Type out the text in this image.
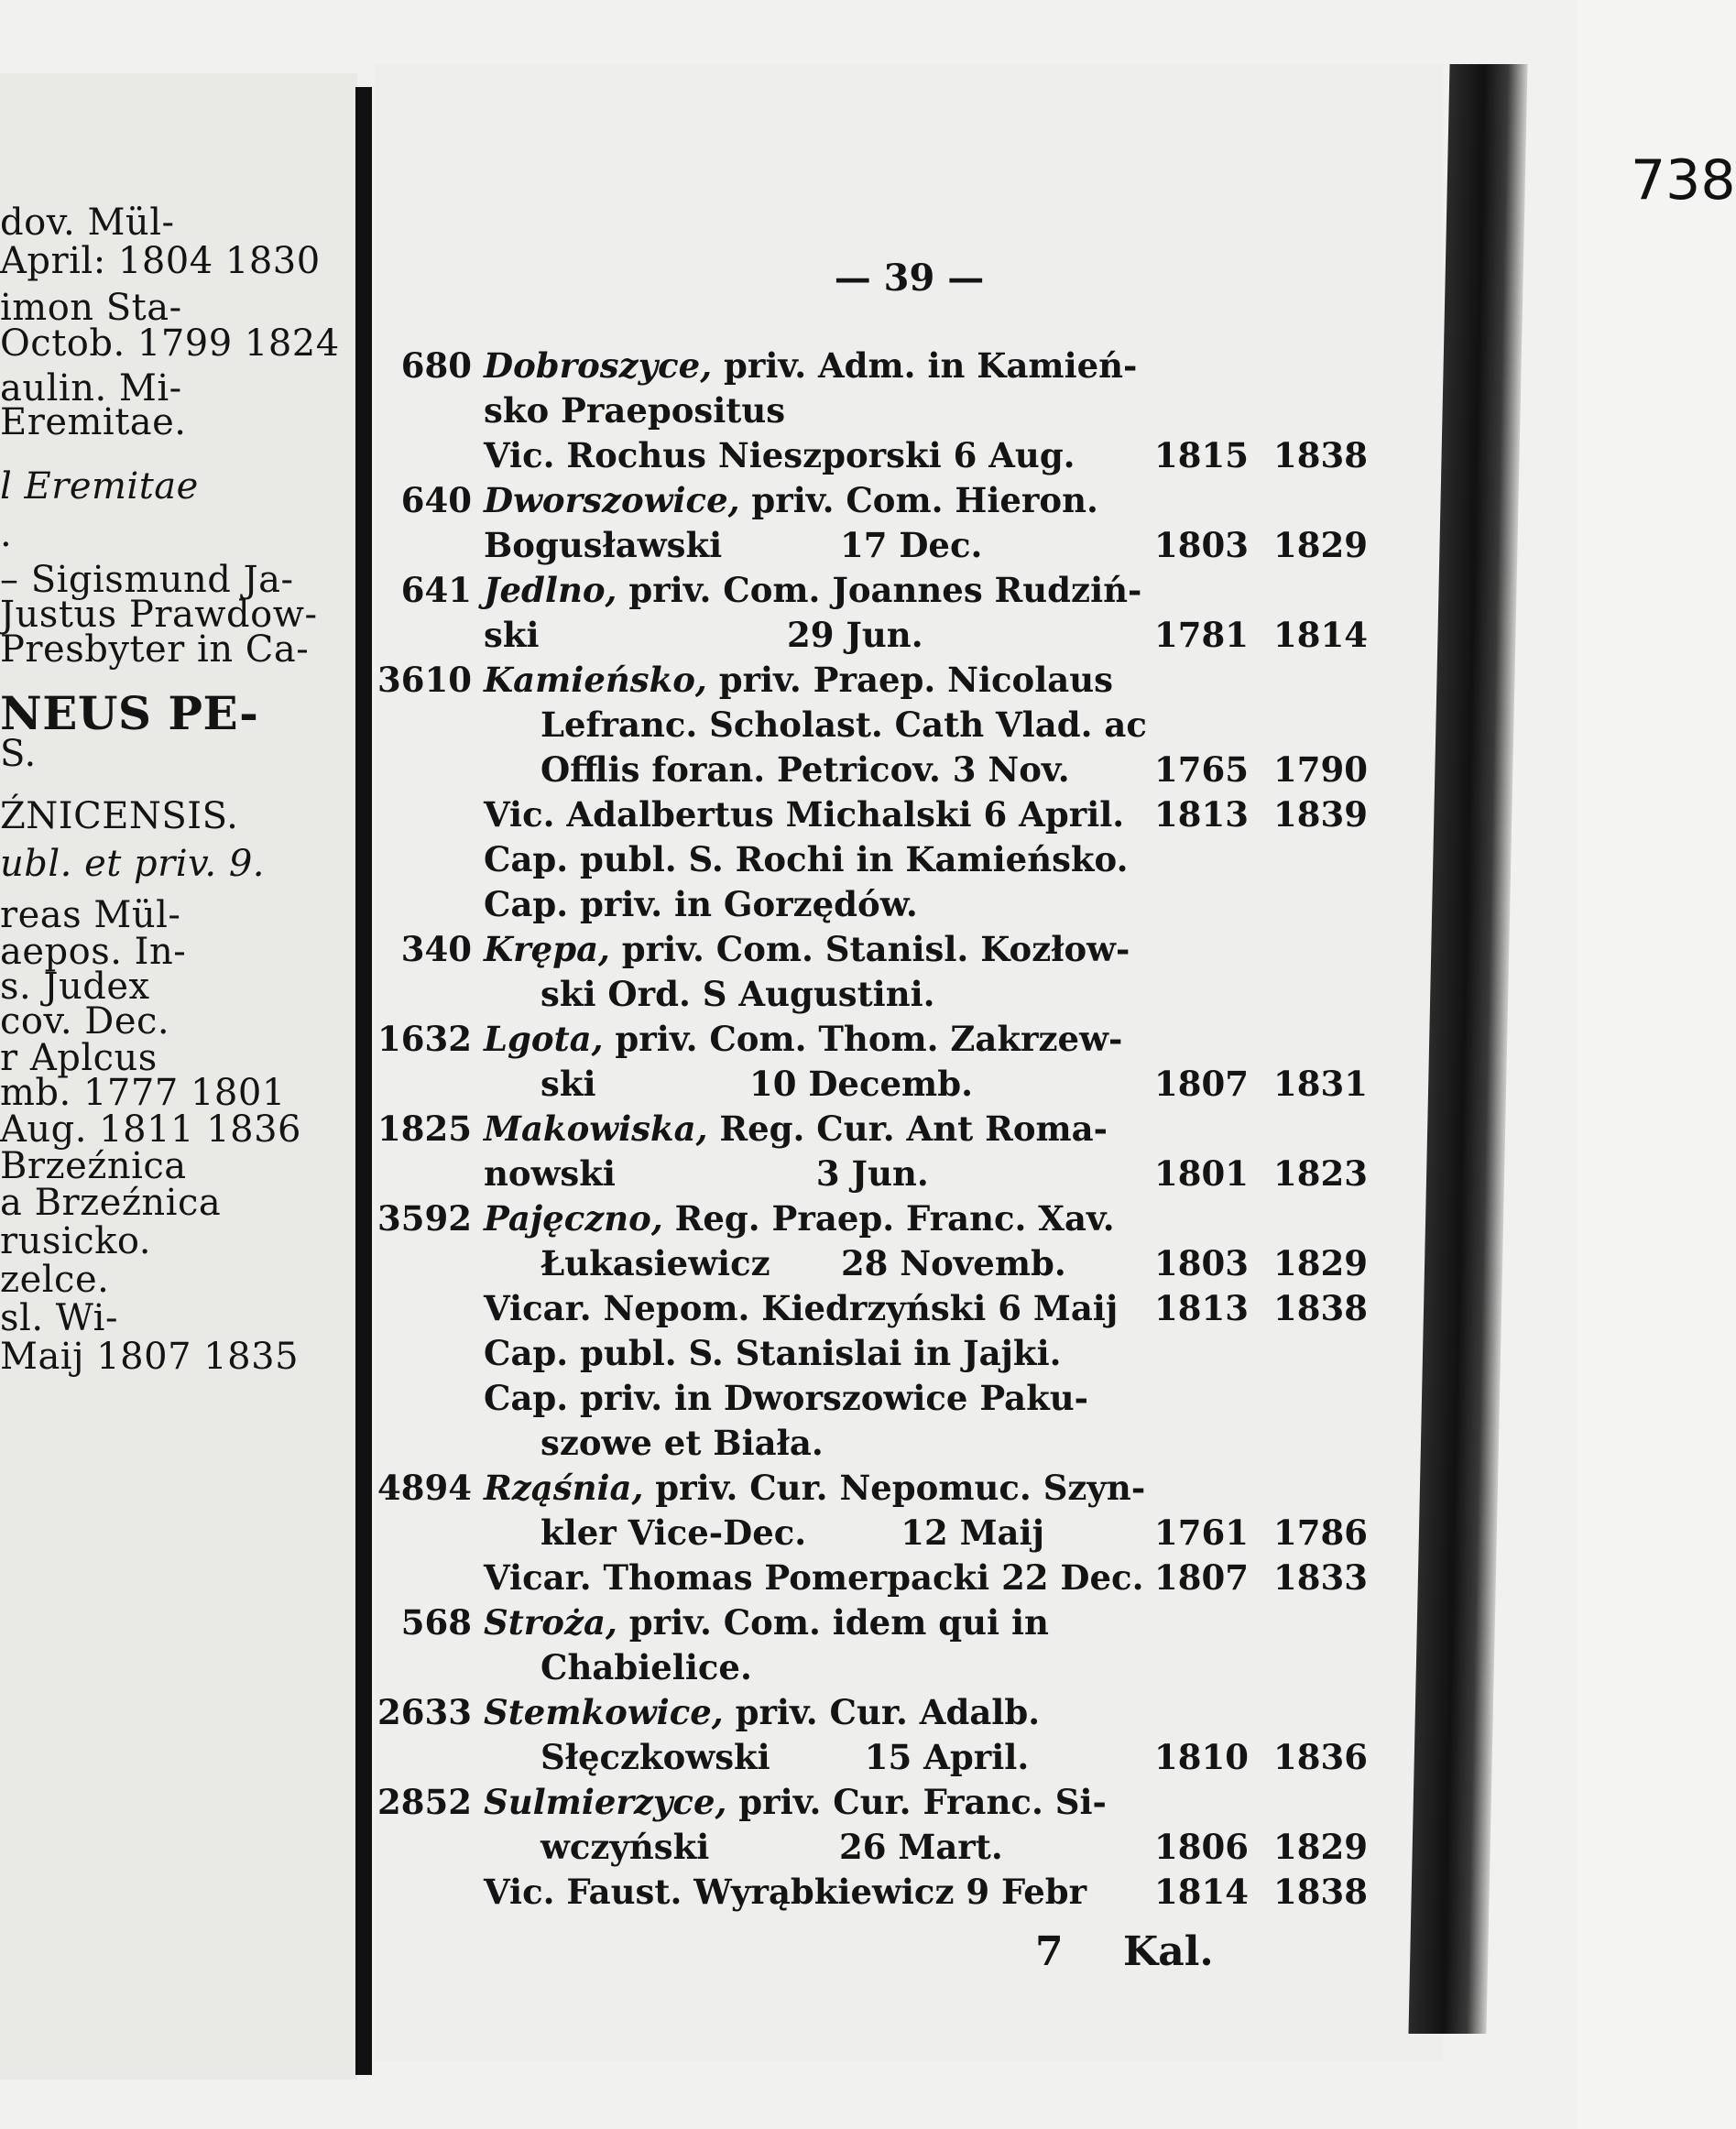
dov. Mül-
April: 1804 1830
imon Sta-
Octob. 1799 1824
aulin. Mi-
Eremitae.
l Eremitae
.
– Sigismund Ja-
Justus Prawdow-
Presbyter in Ca-
NEUS PE-
S.
ŹNICENSIS.
ubl. et priv. 9.
reas Mül-
aepos. In-
s. Judex
cov. Dec.
r Aplcus
mb. 1777 1801
Aug. 1811 1836
Brzeźnica
a Brzeźnica
rusicko.
zelce.
sl. Wi-
Maij 1807 1835
738
— 39 —
680 Dobroszyce, priv. Adm. in Kamień-
sko Praepositus
Vic. Rochus Nieszporski 6 Aug. 1815 1838
640 Dworszowice, priv. Com. Hieron.
Bogusławski          17 Dec.	1803 1829
641 Jedlno, priv. Com. Joannes Rudziń-
ski                     29 Jun.	1781 1814
3610 Kamieńsko, priv. Praep. Nicolaus
Lefranc. Scholast. Cath Vlad. ac
Offlis foran. Petricov. 3 Nov. 1765 1790
Vic. Adalbertus Michalski 6 April. 1813 1839
Cap. publ. S. Rochi in Kamieńsko.
Cap. priv. in Gorzędów.
340 Krępa, priv. Com. Stanisl. Kozłow-
ski Ord. S Augustini.
1632 Lgota, priv. Com. Thom. Zakrzew-
ski             10 Decemb.	1807 1831
1825 Makowiska, Reg. Cur. Ant Roma-
nowski                 3 Jun.	1801 1823
3592 Pajęczno, Reg. Praep. Franc. Xav.
Łukasiewicz      28 Novemb.	1803 1829
Vicar. Nepom. Kiedrzyński 6 Maij 1813 1838
Cap. publ. S. Stanislai in Jajki.
Cap. priv. in Dworszowice Paku-
szowe et Biała.
4894 Rząśnia, priv. Cur. Nepomuc. Szyn-
kler Vice-Dec.        12 Maij	1761 1786
Vicar. Thomas Pomerpacki 22 Dec. 1807 1833
568 Stroża, priv. Com. idem qui in
Chabielice.
2633 Stemkowice, priv. Cur. Adalb.
Słęczkowski        15 April.	1810 1836
2852 Sulmierzyce, priv. Cur. Franc. Si-
wczyński           26 Mart.	1806 1829
Vic. Faust. Wyrąbkiewicz 9 Febr 1814 1838
7 Kal.
